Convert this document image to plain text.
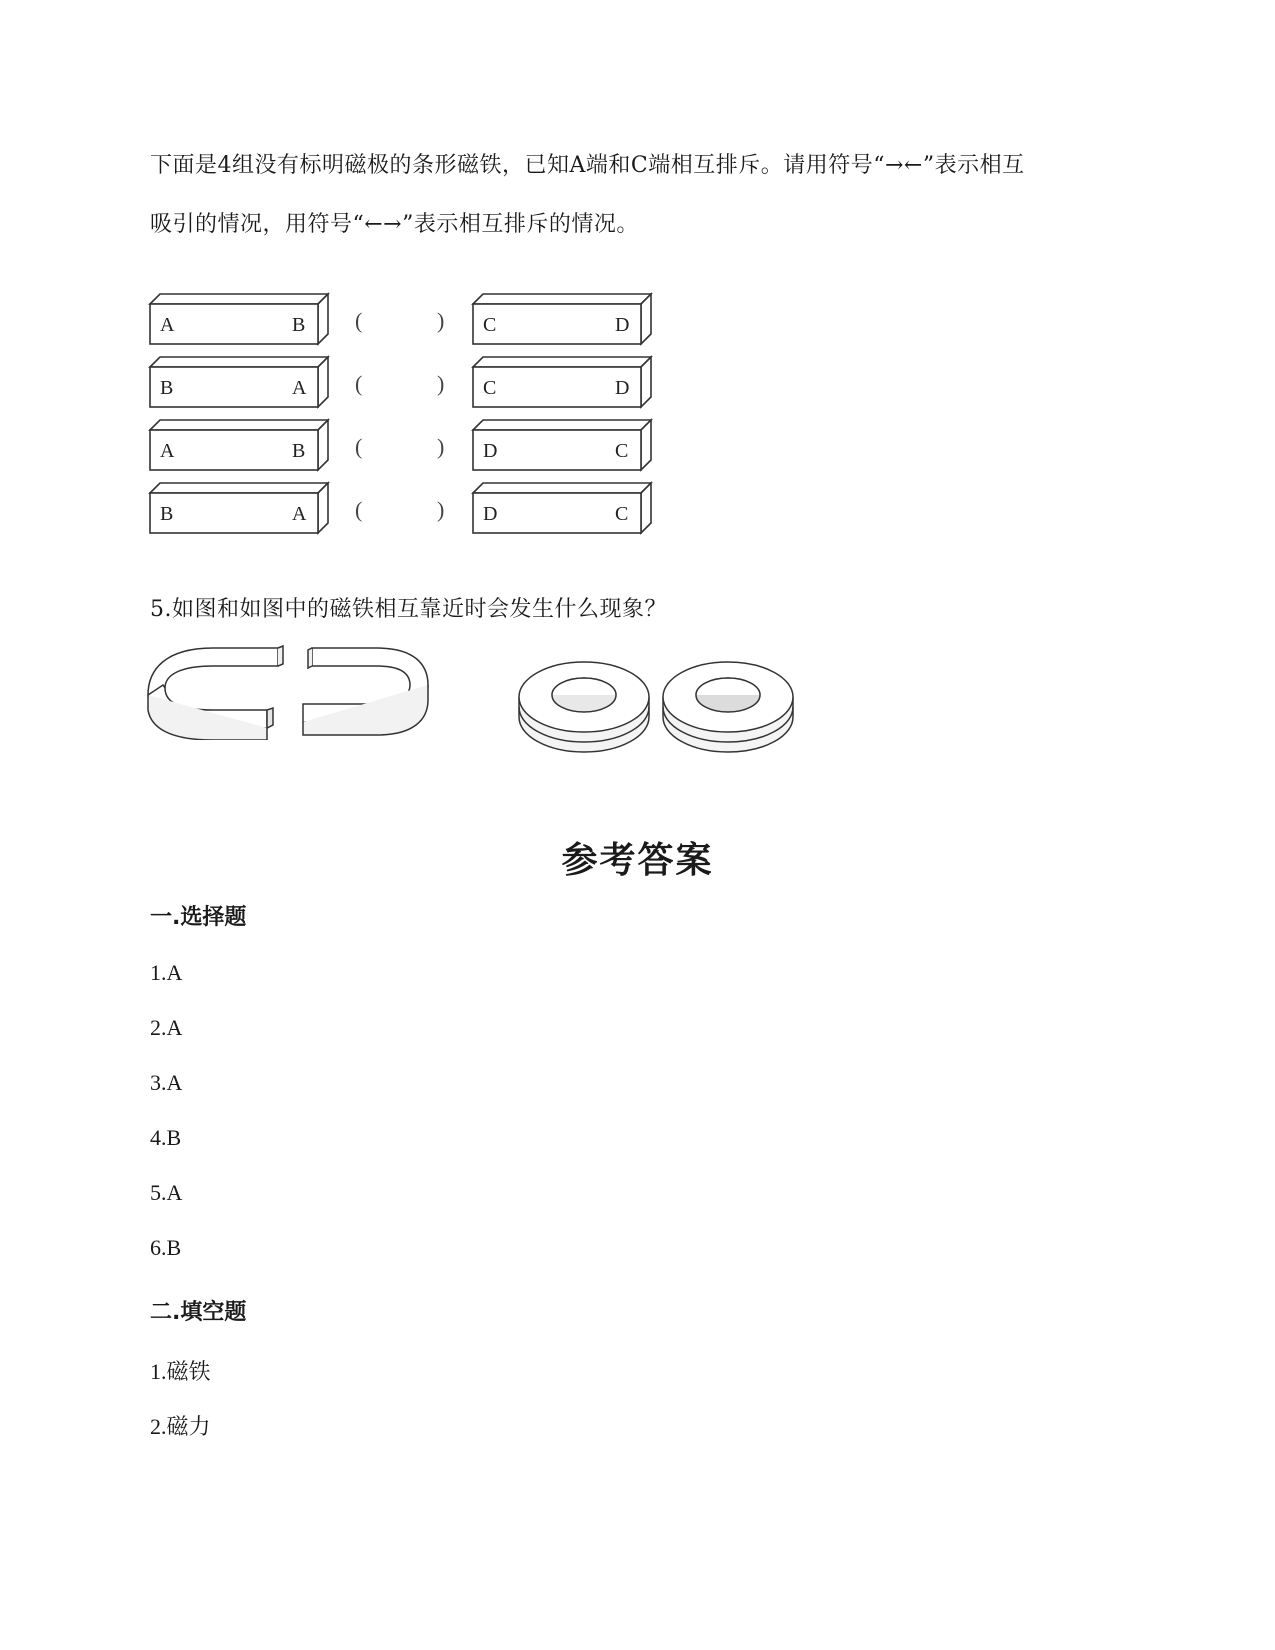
下面是4组没有标明磁极的条形磁铁，已知A端和C端相互排斥。请用符号“→←”表示相互
吸引的情况，用符号“←→”表示相互排斥的情况。
A	B (	) C	D
B	A (	) C	D
A	B (	) D	C
B	A (	) D	C
5.如图和如图中的磁铁相互靠近时会发生什么现象？
参考答案
一.选择题
1.A
2.A
3.A
4.B
5.A
6.B
二.填空题
1.磁铁
2.磁力
